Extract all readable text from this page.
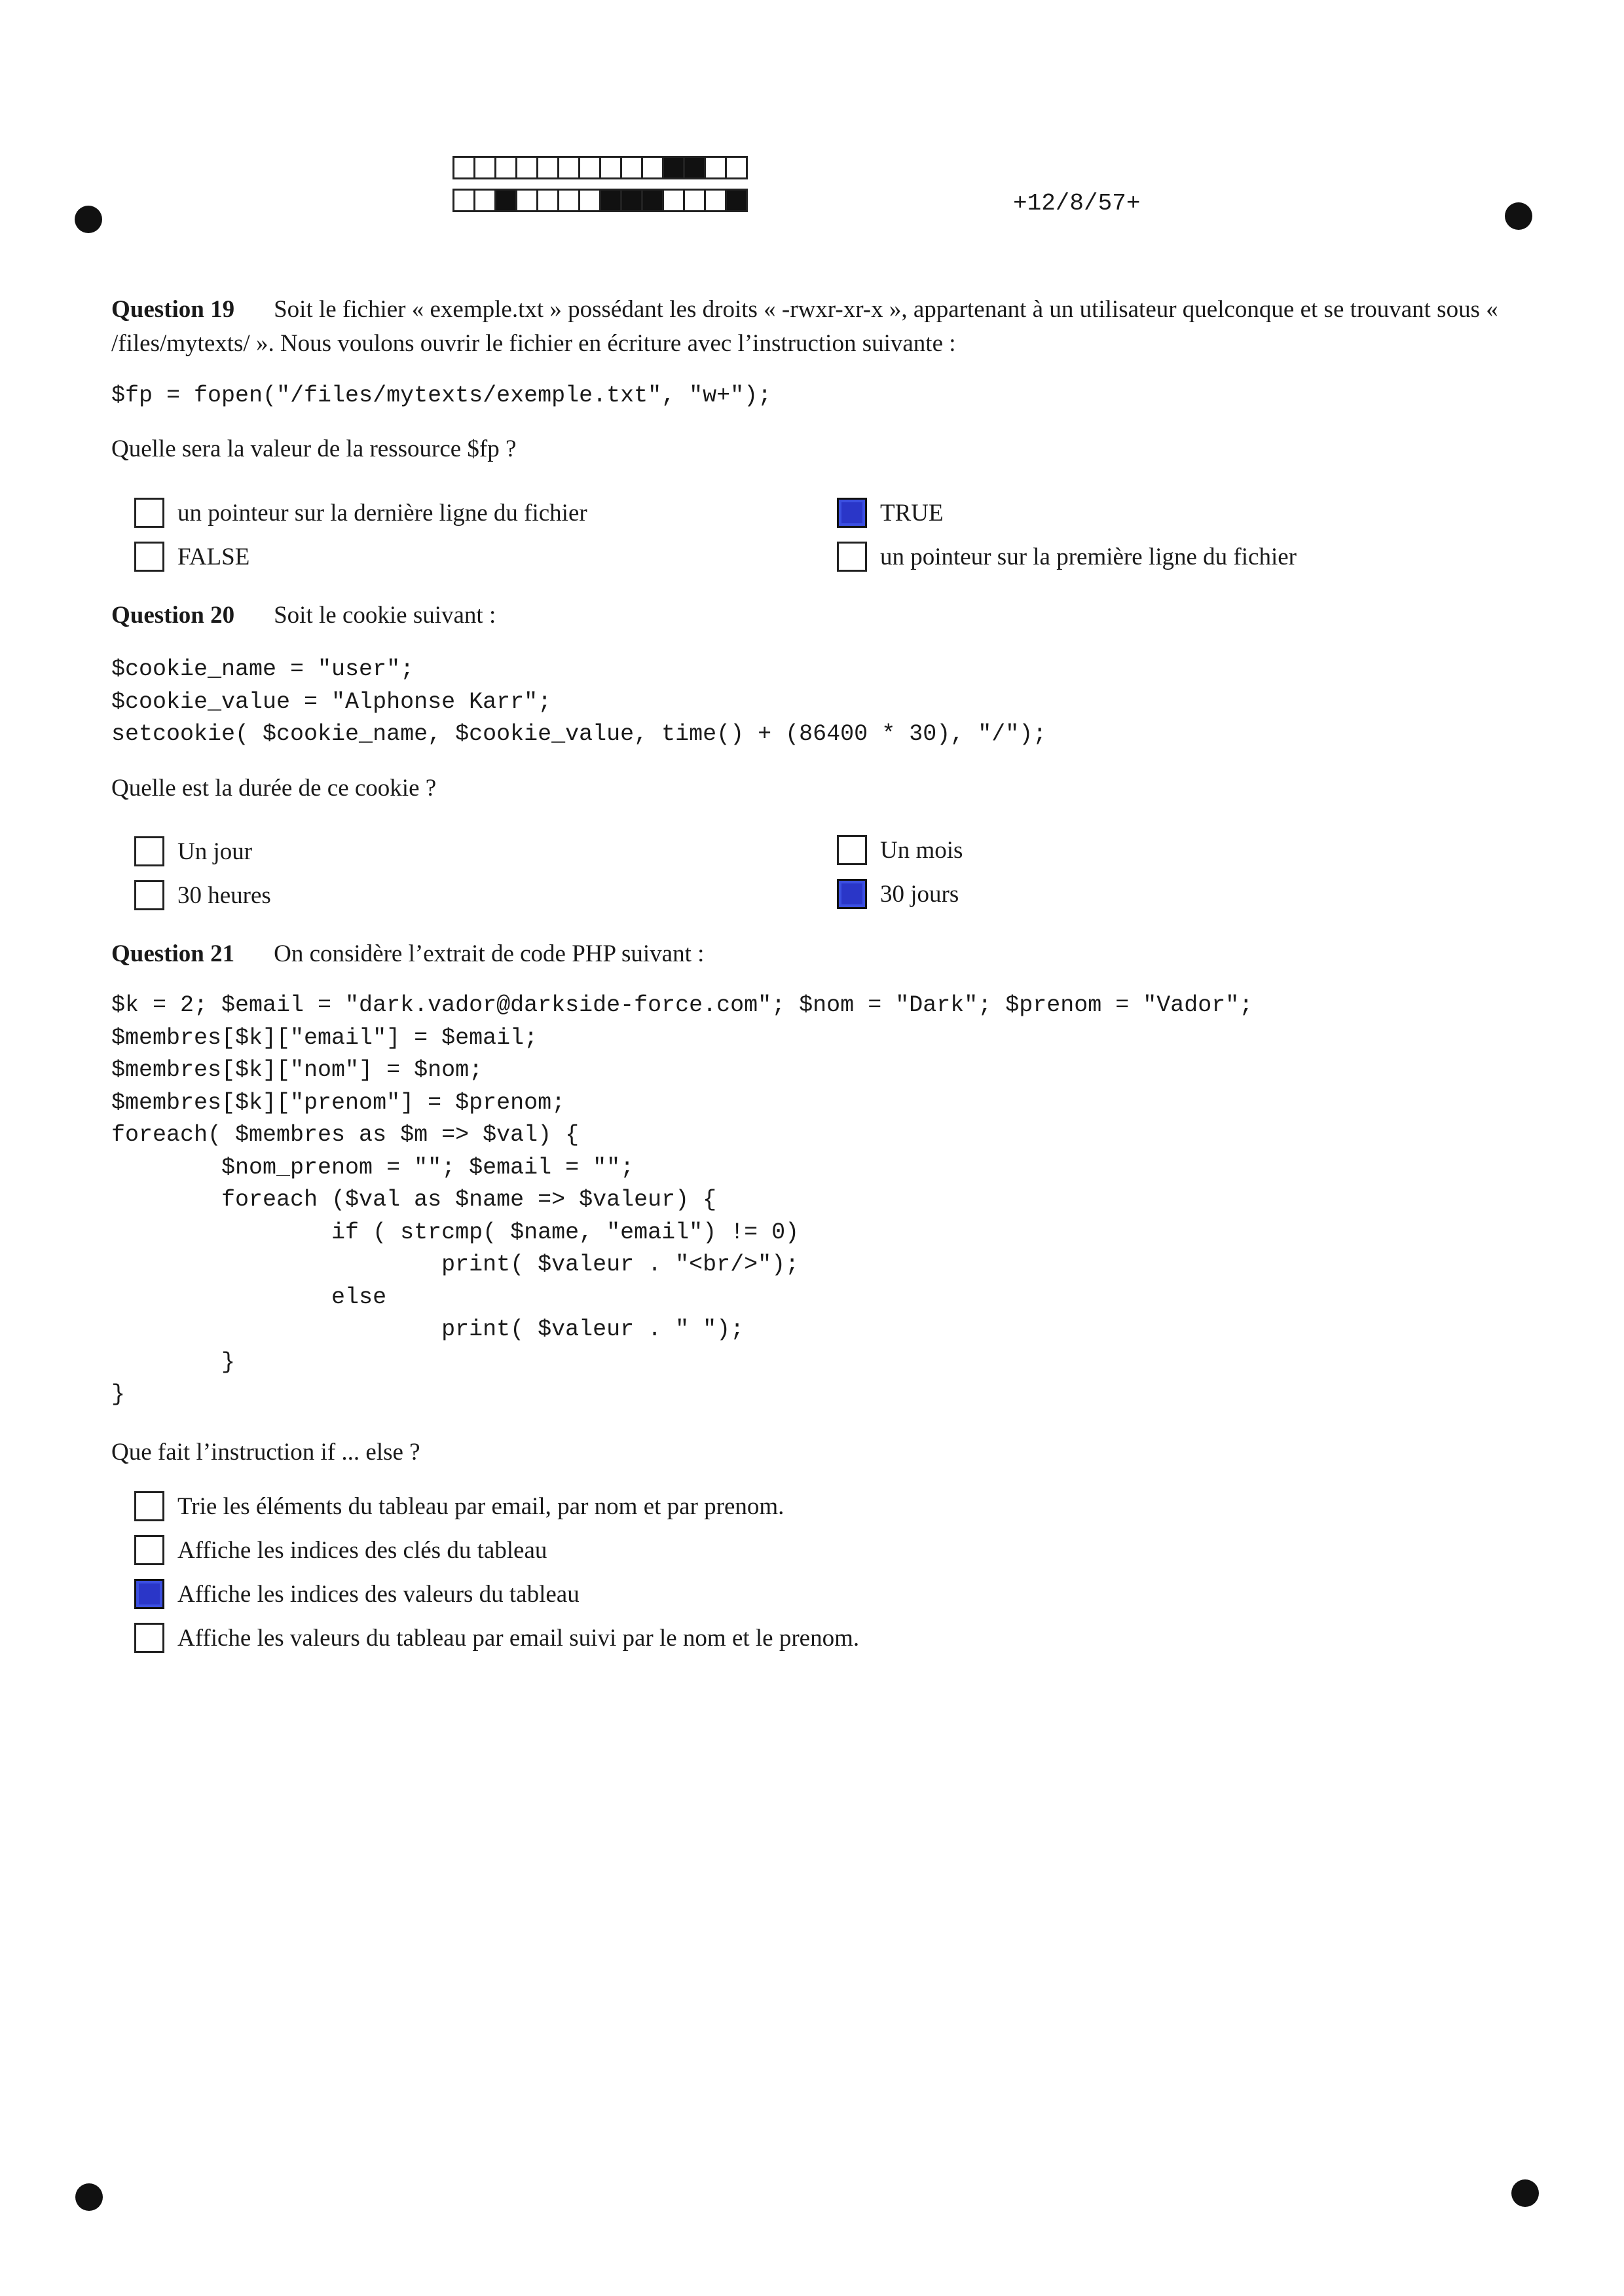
+12/8/57+
Question 19 Soit le fichier « exemple.txt » possédant les droits « -rwxr-xr-x », appartenant à un utilisateur quelconque et se trouvant sous « /files/mytexts/ ». Nous voulons ouvrir le fichier en écriture avec l’instruction suivante :
$fp = fopen("/files/mytexts/exemple.txt", "w+");
Quelle sera la valeur de la ressource $fp ?
un pointeur sur la dernière ligne du fichier
FALSE
TRUE
un pointeur sur la première ligne du fichier
Question 20 Soit le cookie suivant :
$cookie_name = "user";
$cookie_value = "Alphonse Karr";
setcookie( $cookie_name, $cookie_value, time() + (86400 * 30), "/");
Quelle est la durée de ce cookie ?
Un jour
30 heures
Un mois
30 jours
Question 21 On considère l’extrait de code PHP suivant :
$k = 2; $email = "dark.vador@darkside-force.com"; $nom = "Dark"; $prenom = "Vador";
$membres[$k]["email"] = $email;
$membres[$k]["nom"] = $nom;
$membres[$k]["prenom"] = $prenom;
foreach( $membres as $m => $val) {
$nom_prenom = ""; $email = "";
foreach ($val as $name => $valeur) {
if ( strcmp( $name, "email") != 0)
print( $valeur . "<br/>");
else
print( $valeur . " ");
}
}
Que fait l’instruction if ... else ?
Trie les éléments du tableau par email, par nom et par prenom.
Affiche les indices des clés du tableau
Affiche les indices des valeurs du tableau
Affiche les valeurs du tableau par email suivi par le nom et le prenom.
